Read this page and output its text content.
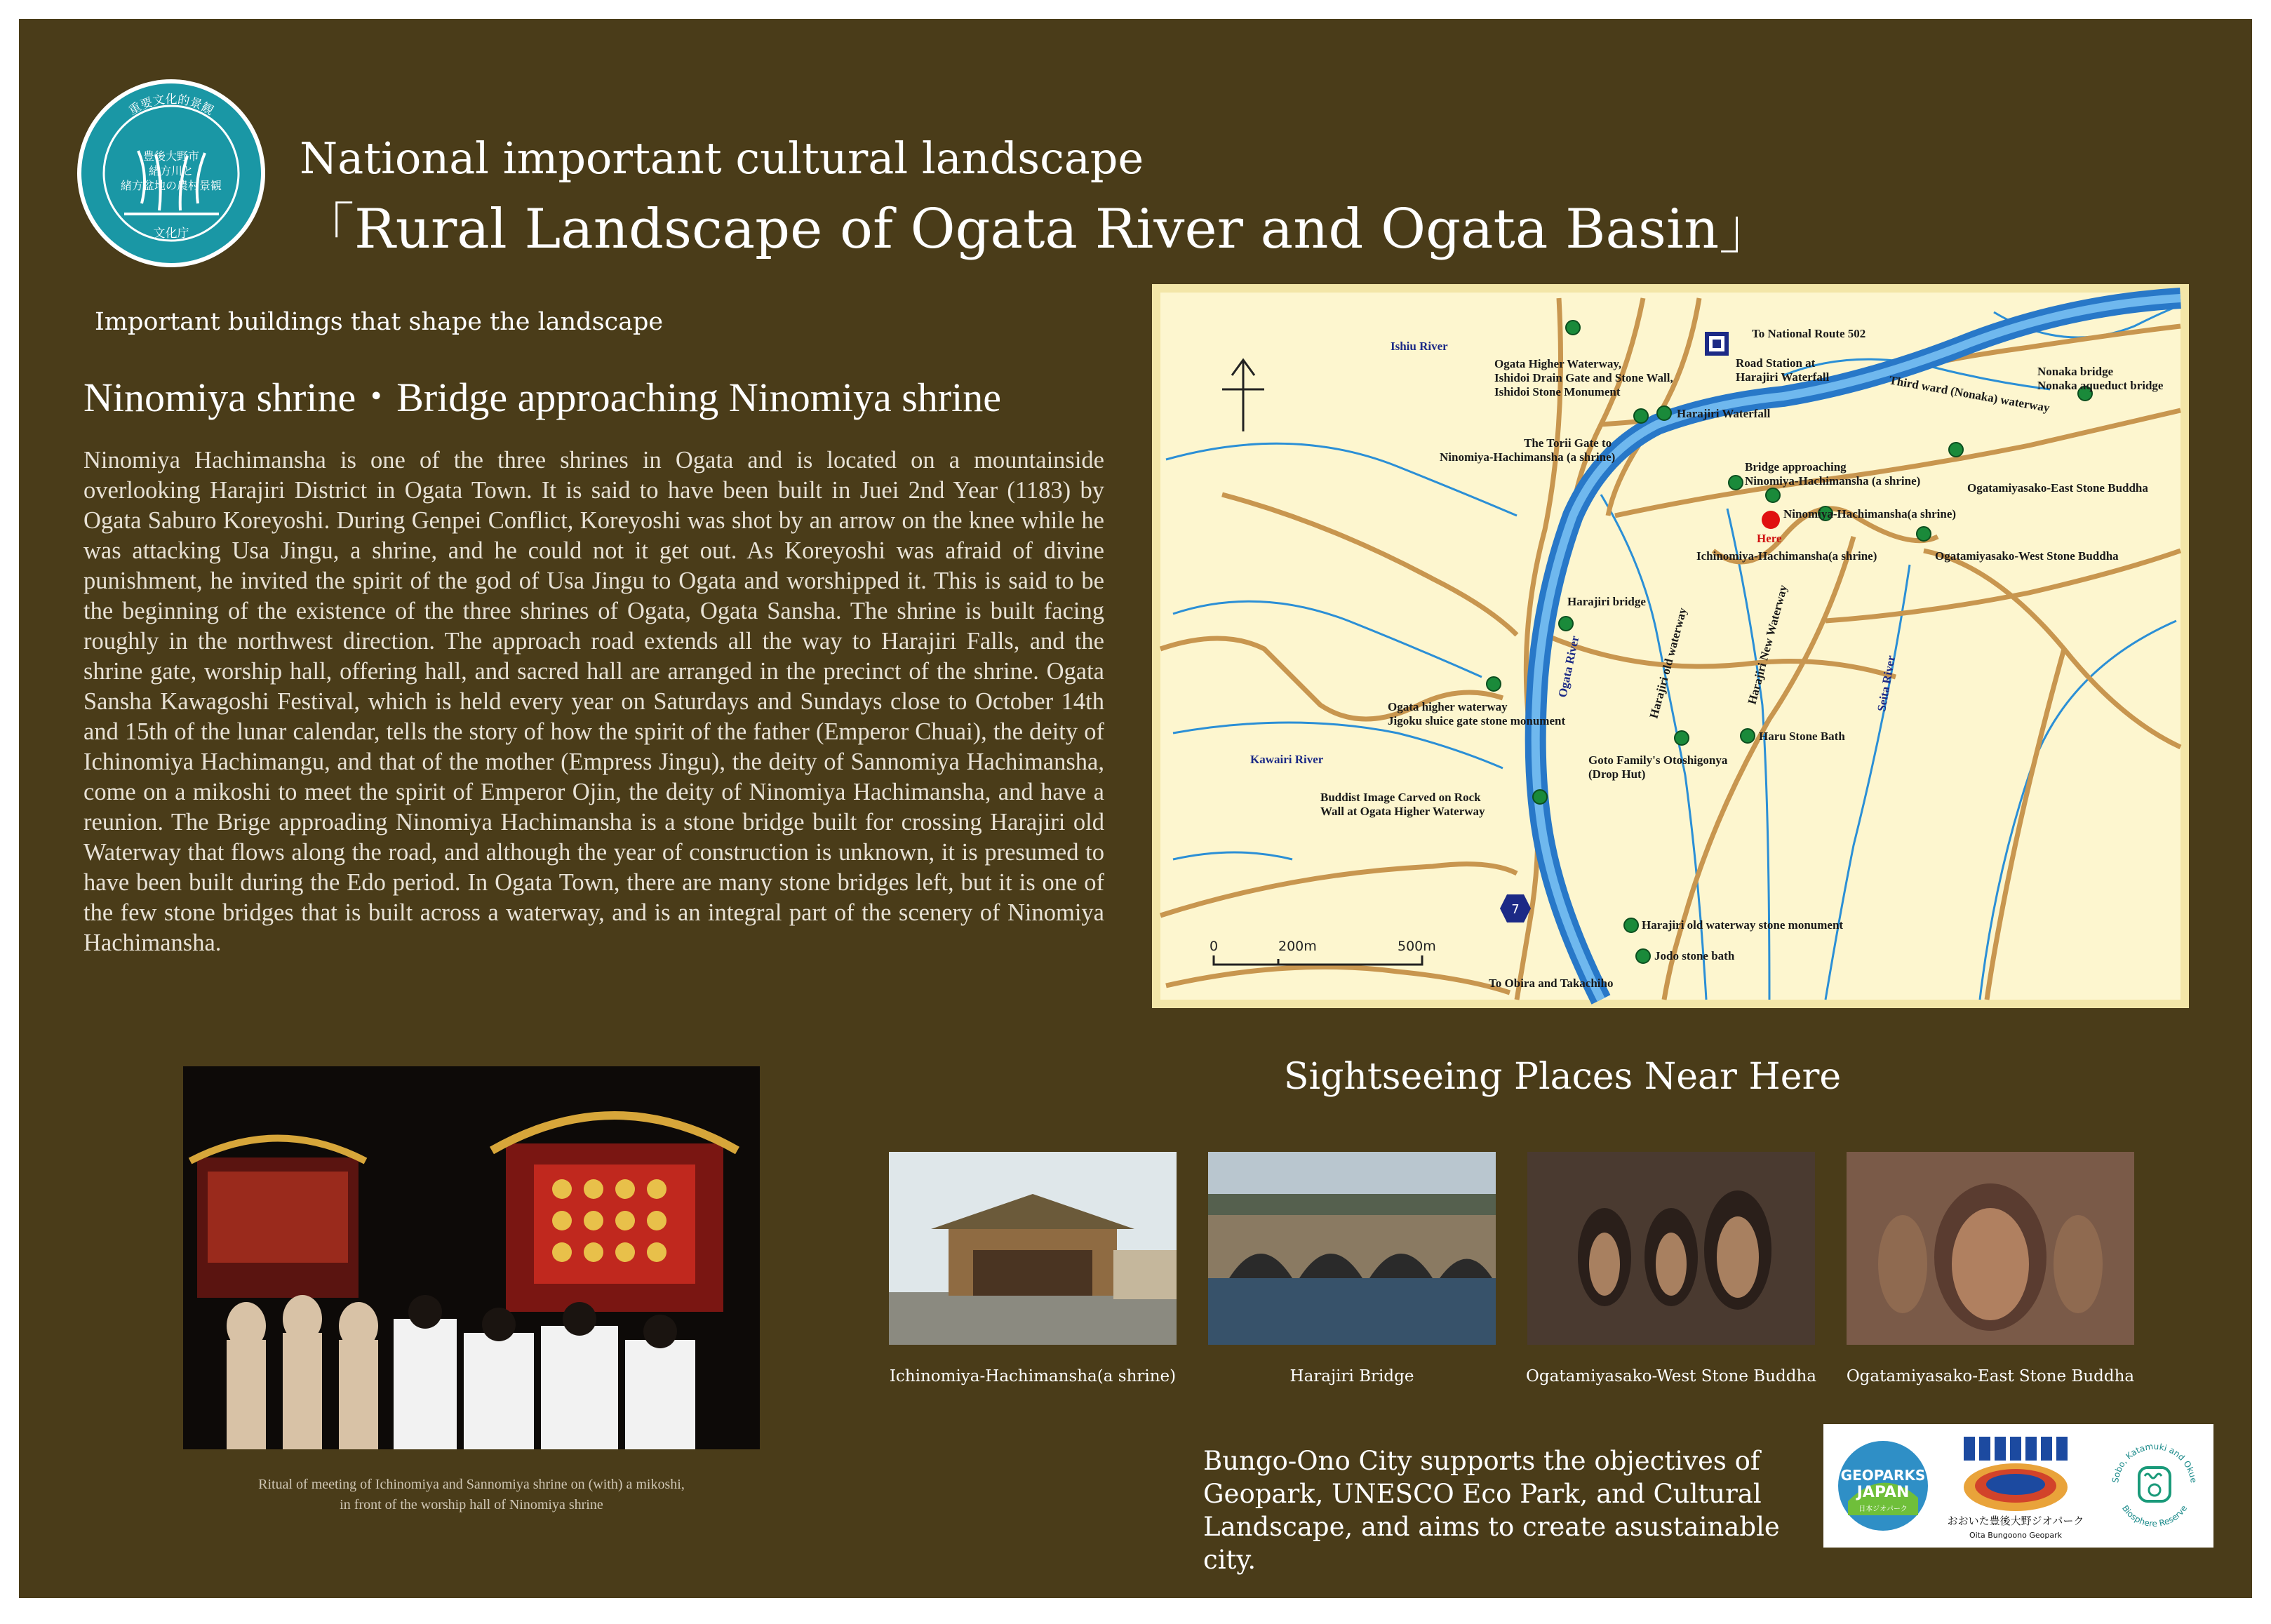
重要文化的景観
豊後大野市
緒方川と
緒方盆地の農村景観
文化庁
National important cultural landscape
「Rural Landscape of Ogata River and Ogata Basin」
Important buildings that shape the landscape
Ninomiya shrine・Bridge approaching Ninomiya shrine
Ninomiya Hachimansha is one of the three shrines in Ogata and is located on a mountainside overlooking Harajiri District in Ogata Town. It is said to have been built in Juei 2nd Year (1183) by Ogata Saburo Koreyoshi. During Genpei Conflict, Koreyoshi was shot by an arrow on the knee while he was attacking Usa Jingu, a shrine, and he could not it get out. As Koreyoshi was afraid of divine punishment, he invited the spirit of the god of Usa Jingu to Ogata and worshipped it. This is said to be the beginning of the existence of the three shrines of Ogata, Ogata Sansha. The shrine is built facing roughly in the northwest direction. The approach road extends all the way to Harajiri Falls, and the shrine gate, worship hall, offering hall, and sacred hall are arranged in the precinct of the shrine. Ogata Sansha Kawagoshi Festival, which is held every year on Saturdays and Sundays close to October 14th and 15th of the lunar calendar, tells the story of how the spirit of the father (Emperor Chuai), the deity of Ichinomiya Hachimangu, and that of the mother (Empress Jingu), the deity of Sannomiya Hachimansha, come on a mikoshi to meet the spirit of Emperor Ojin, the deity of Ninomiya Hachimansha, and have a reunion. The Brige approading Ninomiya Hachimansha is a stone bridge built for crossing Harajiri old Waterway that flows along the road, and although the year of construction is unknown, it is presumed to have been built during the Edo period. In Ogata Town, there are many stone bridges left, but it is one of the few stone bridges that is built across a waterway, and is an integral part of the scenery of Ninomiya Hachimansha.
7
Ishiu River
To National Route 502
Ogata Higher Waterway,
Ishidoi Drain Gate and Stone Wall,
Ishidoi Stone Monument
Road Station at
Harajiri Waterfall	Nonaka bridge
Nonaka aqueduct bridge
Third ward (Nonaka) waterway
The Torii Gate to
Ninomiya-Hachimansha (a shrine)
Harajiri Waterfall
Bridge approaching
Ninomiya-Hachimansha (a shrine)
Ogatamiyasako-East Stone Buddha
Ninomiya-Hachimansha(a shrine)
Here
Ichinomiya-Hachimansha(a shrine)	Ogatamiyasako-West Stone Buddha
Harajiri bridge
Harajiri old waterway	Harajiri New Waterway
Ogata River	Seita River
Ogata higher waterway
Jigoku sluice gate stone monument
Haru Stone Bath
Goto Family's Otoshigonya
(Drop Hut)
Kawairi River
Buddist Image Carved on Rock
Wall at Ogata Higher Waterway
Harajiri old waterway stone monument
Jodo stone bath
To Obira and Takachiho
0	200m	500m
Ritual of meeting of Ichinomiya and Sannomiya shrine on (with) a mikoshi,
in front of the worship hall of Ninomiya shrine
Sightseeing Places Near Here
Ichinomiya-Hachimansha(a shrine)	Harajiri Bridge	Ogatamiyasako-West Stone Buddha	Ogatamiyasako-East Stone Buddha
Bungo-Ono City supports the objectives of
Geopark, UNESCO Eco Park, and Cultural
Landscape, and aims to create asustainable city.
GEOPARKS
JAPAN
日本ジオパーク
おおいた豊後大野ジオパーク
Oita Bungoono Geopark
Sobo, Katamuki and Okue
Biosphere Reserve
